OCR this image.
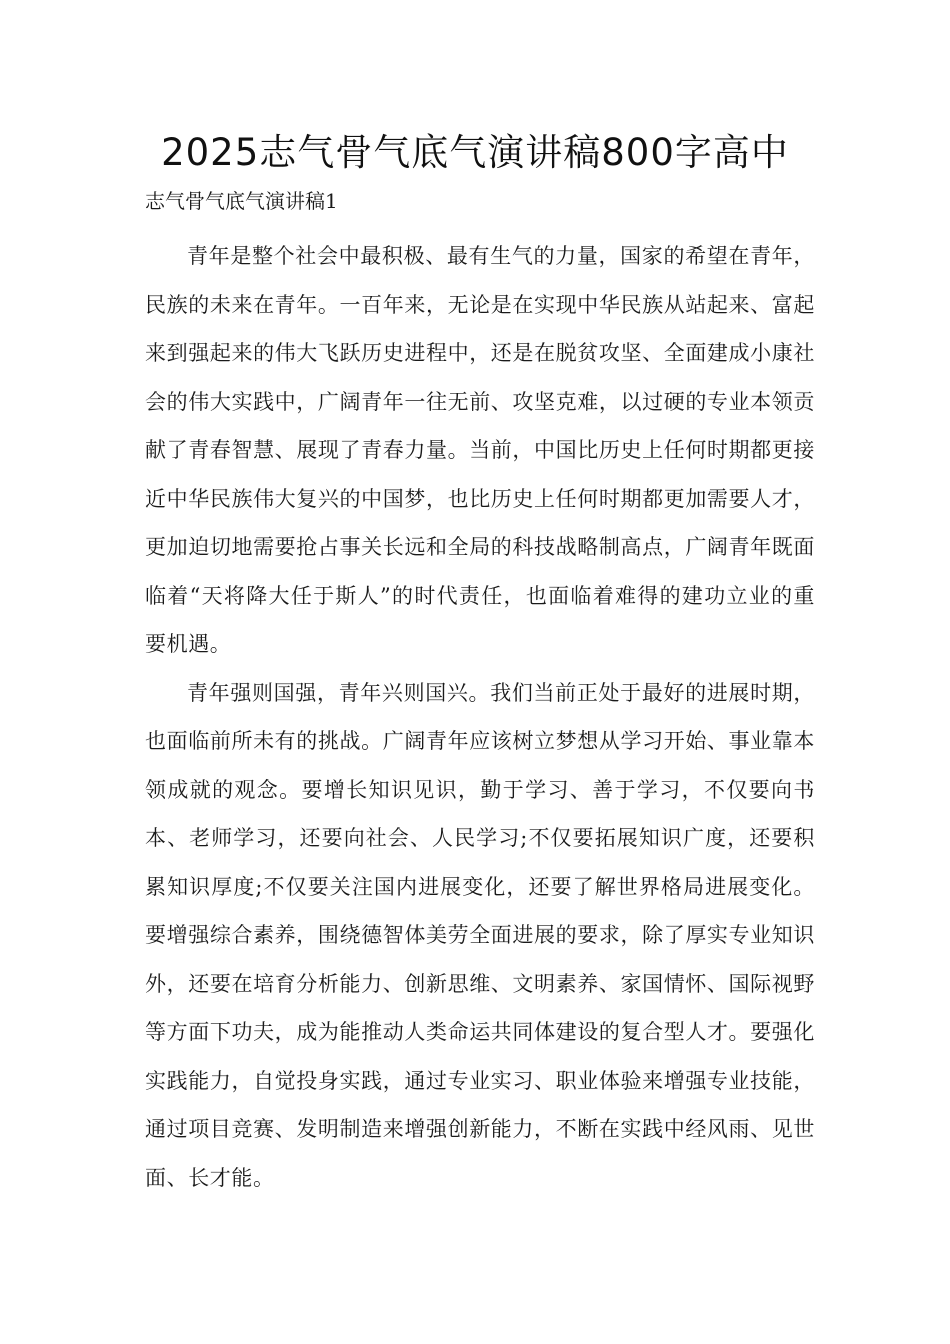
2025志气骨气底气演讲稿800字高中

志气骨气底气演讲稿1

青年是整个社会中最积极、最有生气的力量，国家的希望在青年，民族的未来在青年。一百年来，无论是在实现中华民族从站起来、富起来到强起来的伟大飞跃历史进程中，还是在脱贫攻坚、全面建成小康社会的伟大实践中，广阔青年一往无前、攻坚克难，以过硬的专业本领贡献了青春智慧、展现了青春力量。当前，中国比历史上任何时期都更接近中华民族伟大复兴的中国梦，也比历史上任何时期都更加需要人才，更加迫切地需要抢占事关长远和全局的科技战略制高点，广阔青年既面临着“天将降大任于斯人”的时代责任，也面临着难得的建功立业的重要机遇。

青年强则国强，青年兴则国兴。我们当前正处于最好的进展时期，也面临前所未有的挑战。广阔青年应该树立梦想从学习开始、事业靠本领成就的观念。要增长知识见识，勤于学习、善于学习，不仅要向书本、老师学习，还要向社会、人民学习;不仅要拓展知识广度，还要积累知识厚度;不仅要关注国内进展变化，还要了解世界格局进展变化。要增强综合素养，围绕德智体美劳全面进展的要求，除了厚实专业知识外，还要在培育分析能力、创新思维、文明素养、家国情怀、国际视野等方面下功夫，成为能推动人类命运共同体建设的复合型人才。要强化实践能力，自觉投身实践，通过专业实习、职业体验来增强专业技能，通过项目竞赛、发明制造来增强创新能力，不断在实践中经风雨、见世面、长才能。
